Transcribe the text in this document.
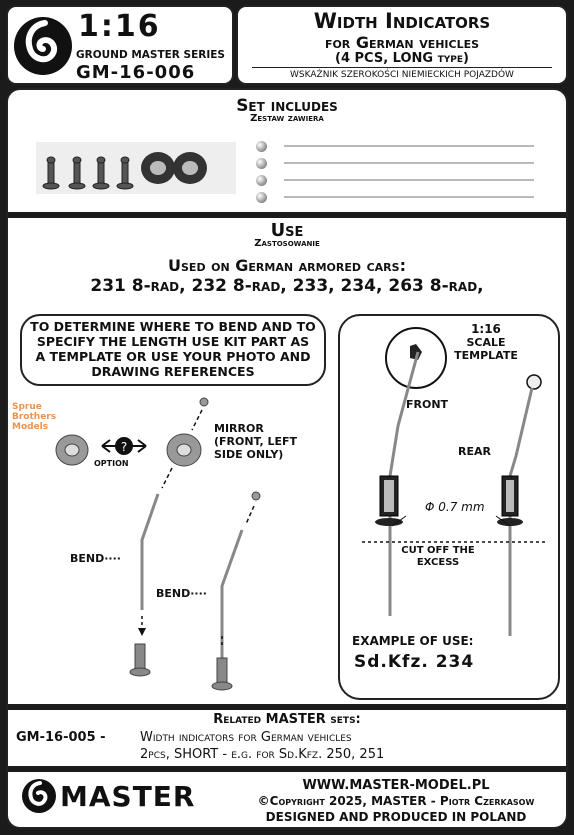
1:16
GROUND MASTER SERIES
GM-16-006
Width Indicators
for German vehicles
(4 PCS, LONG type)
WSKAŹNIK SZEROKOŚCI NIEMIECKICH POJAZDÓW
Set includes
Zestaw zawiera
Use
Zastosowanie
Used on German armored cars:
231 8-rad, 232 8-rad, 233, 234, 263 8-rad,
TO DETERMINE WHERE TO BEND AND TO SPECIFY THE LENGTH USE KIT PART AS A TEMPLATE OR USE YOUR PHOTO AND DRAWING REFERENCES
Sprue Brothers Models
?
OPTION
MIRROR (FRONT, LEFT SIDE ONLY)
BEND····
BEND····
1:16
SCALE TEMPLATE
FRONT
REAR
Φ 0.7 mm
CUT OFF THE EXCESS
EXAMPLE OF USE:
Sd.Kfz. 234
Related MASTER sets:
GM-16-005 -	Width indicators for German vehicles
2pcs, SHORT - e.g. for Sd.Kfz. 250, 251
MASTER	WWW.MASTER-MODEL.PL
©Copyright 2025, MASTER - Piotr Czerkasow
DESIGNED AND PRODUCED IN POLAND
